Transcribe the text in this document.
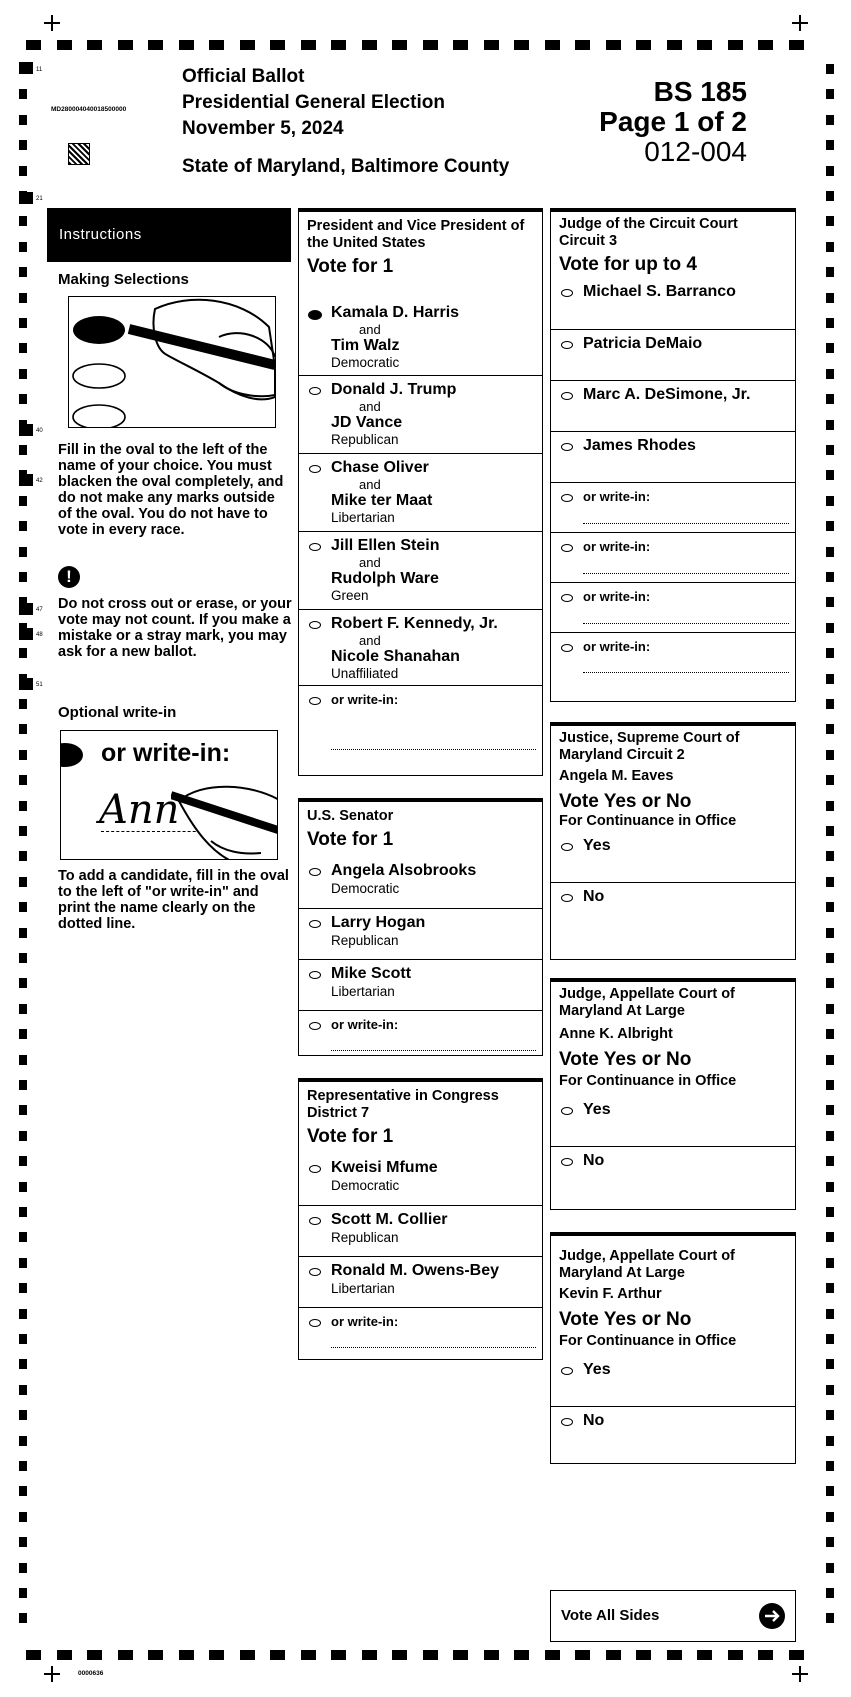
11
21
40
42
47
48
51
MD280004040018500000
Official Ballot
Presidential General Election
November 5, 2024
State of Maryland, Baltimore County
BS 185
Page 1 of 2
012-004
Instructions
Making Selections
Fill in the oval to the left of the name of your choice. You must blacken the oval completely, and do not make any marks outside of the oval. You do not have to vote in every race.
!
Do not cross out or erase, or your vote may not count. If you make a mistake or a stray mark, you may ask for a new ballot.
Optional write-in
or write-in:
Ann
To add a candidate, fill in the oval to the left of "or write-in" and print the name clearly on the dotted line.
President and Vice President of the United States
Vote for 1
Kamala D. Harris
and
Tim Walz
Democratic
Donald J. Trump
and
JD Vance
Republican
Chase Oliver
and
Mike ter Maat
Libertarian
Jill Ellen Stein
and
Rudolph Ware
Green
Robert F. Kennedy, Jr.
and
Nicole Shanahan
Unaffiliated
or write-in:
U.S. Senator
Vote for 1
Angela Alsobrooks
Democratic
Larry Hogan
Republican
Mike Scott
Libertarian
or write-in:
Representative in Congress District 7
Vote for 1
Kweisi Mfume
Democratic
Scott M. Collier
Republican
Ronald M. Owens-Bey
Libertarian
or write-in:
Judge of the Circuit Court Circuit 3
Vote for up to 4
Michael S. Barranco
Patricia DeMaio
Marc A. DeSimone, Jr.
James Rhodes
or write-in:
or write-in:
or write-in:
or write-in:
Justice, Supreme Court of Maryland Circuit 2
Angela M. Eaves
Vote Yes or No
For Continuance in Office
Yes
No
Judge, Appellate Court of Maryland At Large
Anne K. Albright
Vote Yes or No
For Continuance in Office
Yes
No
Judge, Appellate Court of Maryland At Large
Kevin F. Arthur
Vote Yes or No
For Continuance in Office
Yes
No
Vote All Sides
0000636
